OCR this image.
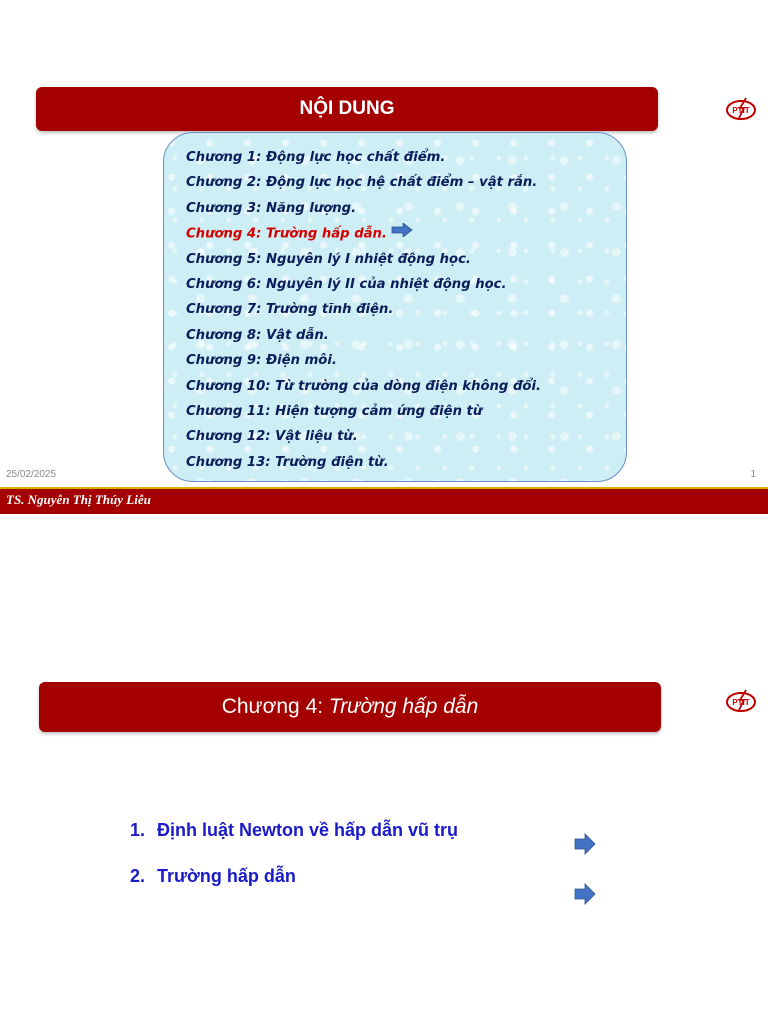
NỘI DUNG	PTIT
Chương 1: Động lực học chất điểm.
Chương 2: Động lực học hệ chất điểm – vật rắn.
Chương 3: Năng lượng.
Chương 4: Trường hấp dẫn.
Chương 5: Nguyên lý I nhiệt động học.
Chương 6: Nguyên lý II của nhiệt động học.
Chương 7: Trường tĩnh điện.
Chương 8: Vật dẫn.
Chương 9: Điện môi.
Chương 10: Từ trường của dòng điện không đổi.
Chương 11: Hiện tượng cảm ứng điện từ
Chương 12: Vật liệu từ.
Chương 13: Trường điện từ.
25/02/2025	1
TS. Nguyễn Thị Thúy Liễu
Chương 4: Trường hấp dẫn	PTIT
1. Định luật Newton về hấp dẫn vũ trụ
2. Trường hấp dẫn
